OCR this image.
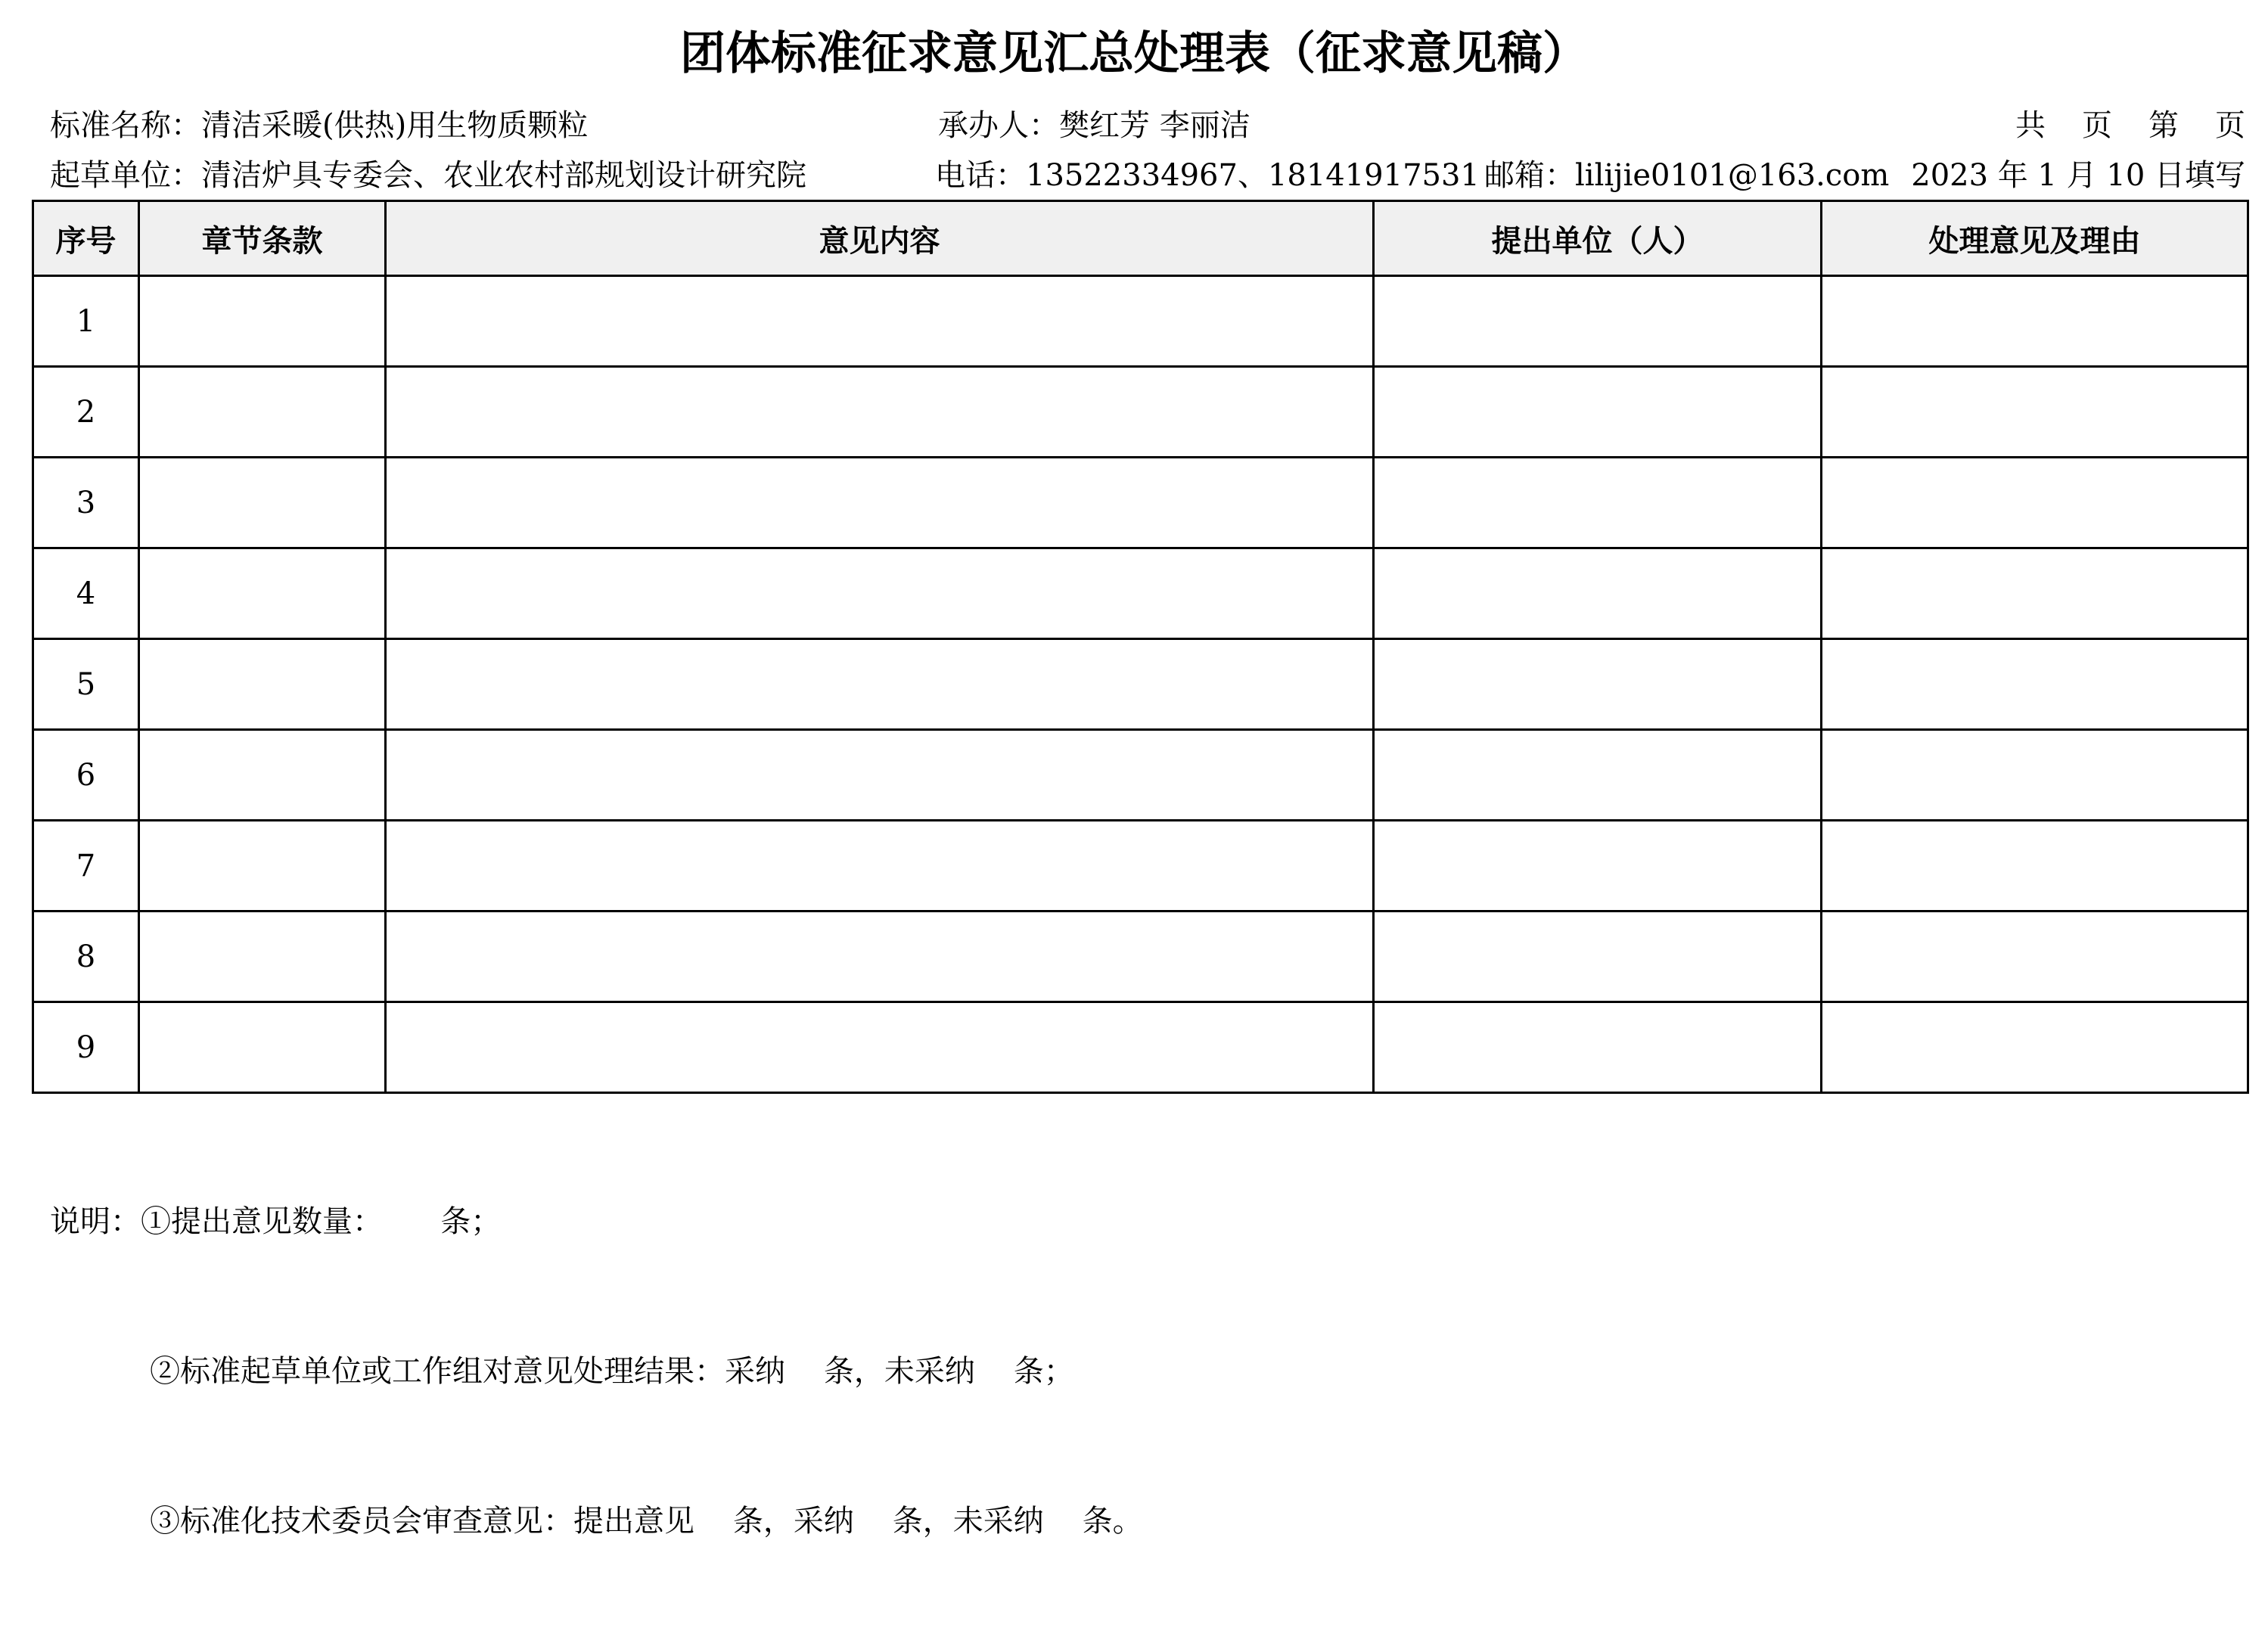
团体标准征求意见汇总处理表（征求意见稿）
标准名称：清洁采暖(供热)用生物质颗粒	承办人：樊红芳 李丽洁	共 页 第 页
起草单位：清洁炉具专委会、农业农村部规划设计研究院	电话：13522334967、18141917531 邮箱：lilijie0101@163.com 2023 年 1 月 10 日填写
序号	章节条款	意见内容	提出单位（人）	处理意见及理由
1				
2				
3				
4				
5				
6				
7				
8				
9				

说明：①提出意见数量：      条；

②标准起草单位或工作组对意见处理结果：采纳    条，未采纳    条；

③标准化技术委员会审查意见：提出意见    条，采纳    条，未采纳    条。
